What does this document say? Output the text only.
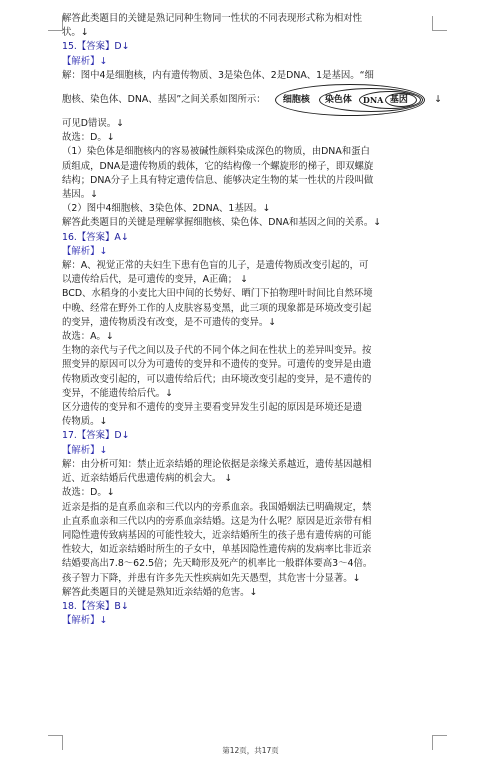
解答此类题目的关键是熟记同种生物同一性状的不同表现形式称为相对性
状。↓
15.【答案】D↓
【解析】↓
解：图中4是细胞核，内有遗传物质、3是染色体、2是DNA、1是基因。“细
胞核、染色体、DNA、基因”之间关系如图所示： 细胞核 染色体 DNA 基因	↓
可见D错误。↓
故选：D。↓
（1）染色体是细胞核内的容易被碱性颜料染成深色的物质，由DNA和蛋白
质组成，DNA是遗传物质的载体，它的结构像一个螺旋形的梯子，即双螺旋
结构；DNA分子上具有特定遗传信息、能够决定生物的某一性状的片段叫做
基因。↓
（2）图中4细胞核、3染色体、2DNA、1基因。↓
解答此类题目的关键是理解掌握细胞核、染色体、DNA和基因之间的关系。↓
16.【答案】A↓
【解析】↓
解：A、视觉正常的夫妇生下患有色盲的儿子，是遗传物质改变引起的，可
以遗传给后代，是可遗传的变异，A正确； ↓
BCD、水稻身的小麦比大田中间的长势好、晒门下拍物理叶时间比自然环境
中晚、经常在野外工作的人皮肤容易变黑，此三项的现象都是环境改变引起
的变异，遗传物质没有改变，是不可遗传的变异。↓
故选：A。↓
生物的亲代与子代之间以及子代的不同个体之间在性状上的差异叫变异。按
照变异的原因可以分为可遗传的变异和不遗传的变异。可遗传的变异是由遗
传物质改变引起的，可以遗传给后代；由环境改变引起的变异，是不遗传的
变异，不能遗传给后代。↓
区分遗传的变异和不遗传的变异主要看变异发生引起的原因是环境还是遗
传物质。↓
17.【答案】D↓
【解析】↓
解：由分析可知：禁止近亲结婚的理论依据是亲缘关系越近，遗传基因越相
近、近亲结婚后代患遗传病的机会大。 ↓
故选：D。↓
近亲是指的是直系血亲和三代以内的旁系血亲。我国婚姻法已明确规定，禁
止直系血亲和三代以内的旁系血亲结婚。这是为什么呢？原因是近亲带有相
同隐性遗传致病基因的可能性较大，近亲结婚所生的孩子患有遗传病的可能
性较大，如近亲结婚时所生的子女中，单基因隐性遗传病的发病率比非近亲
结婚要高出7.8～62.5倍；先天畸形及死产的机率比一般群体要高3～4倍。
孩子智力下降，并患有许多先天性疾病如先天愚型，其危害十分显著。↓
解答此类题目的关键是熟知近亲结婚的危害。↓
18.【答案】B↓
【解析】↓
第12页，共17页
